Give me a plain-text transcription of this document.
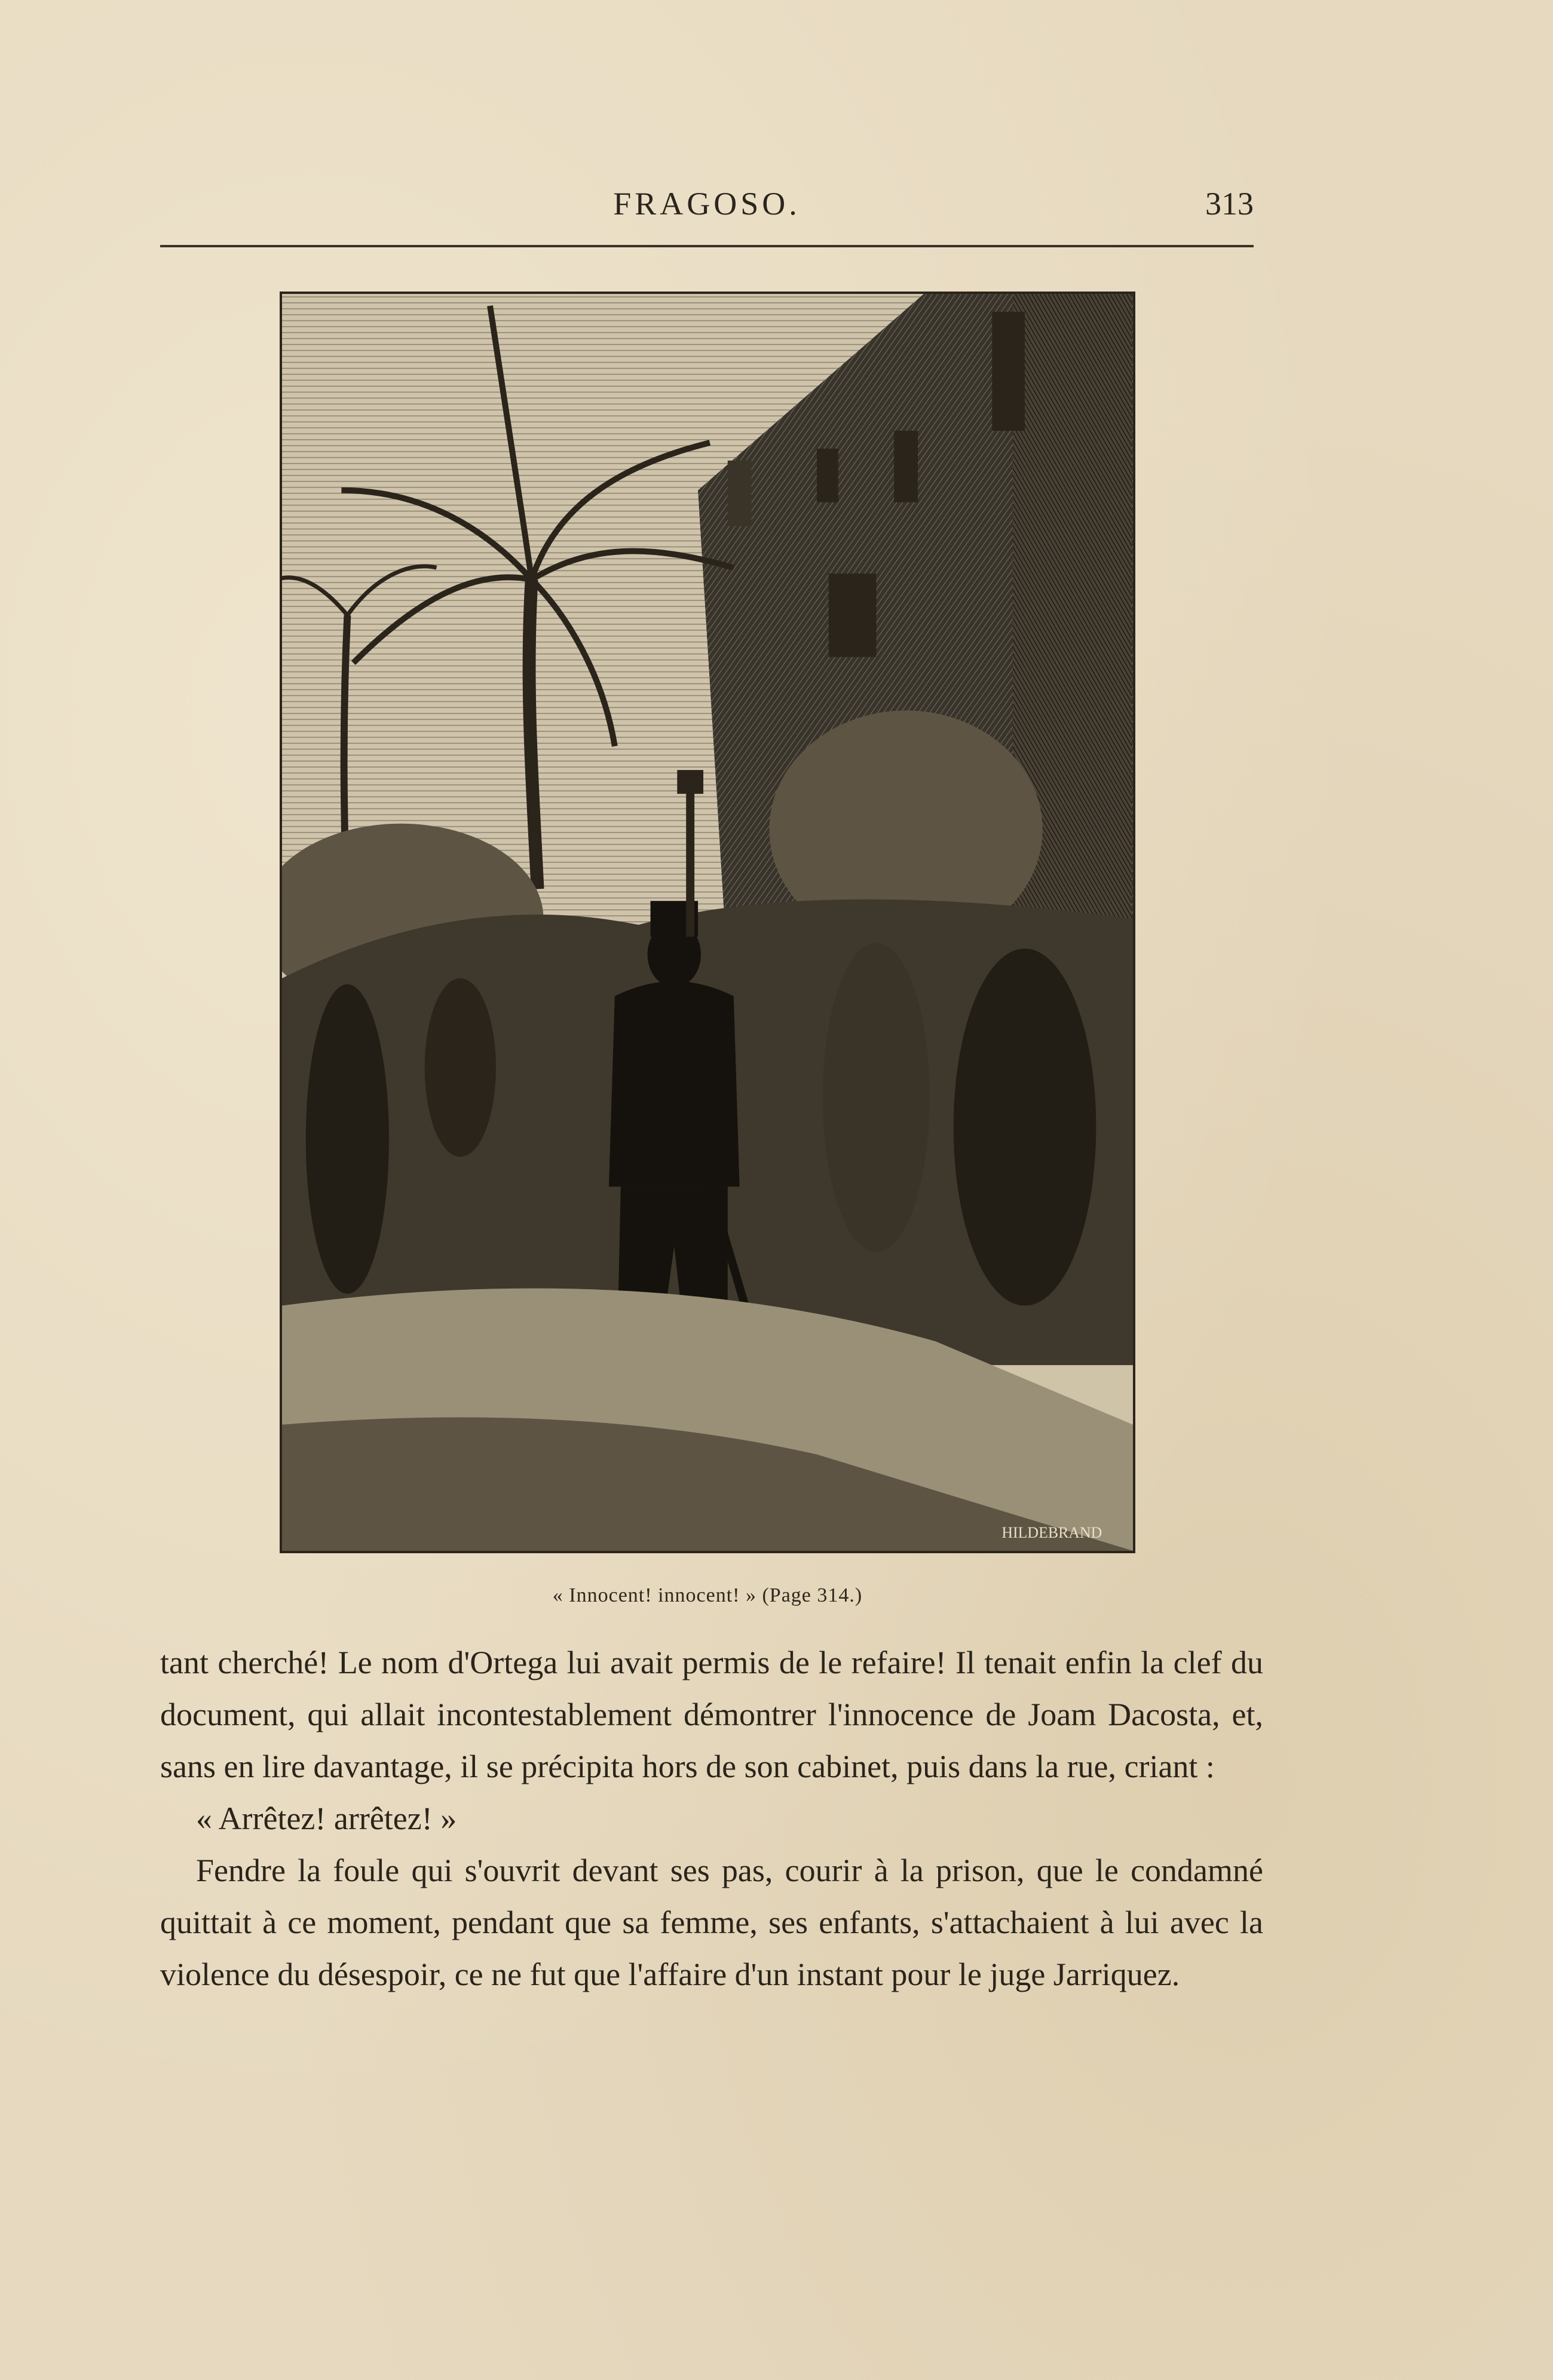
FRAGOSO.	313
HILDEBRAND
« Innocent! innocent! » (Page 314.)

tant cherché! Le nom d'Ortega lui avait permis de le refaire! Il tenait enfin la clef du document, qui allait incontestablement démontrer l'innocence de Joam Dacosta, et, sans en lire davantage, il se précipita hors de son cabinet, puis dans la rue, criant :

« Arrêtez! arrêtez! »

Fendre la foule qui s'ouvrit devant ses pas, courir à la prison, que le condamné quittait à ce moment, pendant que sa femme, ses enfants, s'attachaient à lui avec la violence du désespoir, ce ne fut que l'affaire d'un instant pour le juge Jarriquez.
